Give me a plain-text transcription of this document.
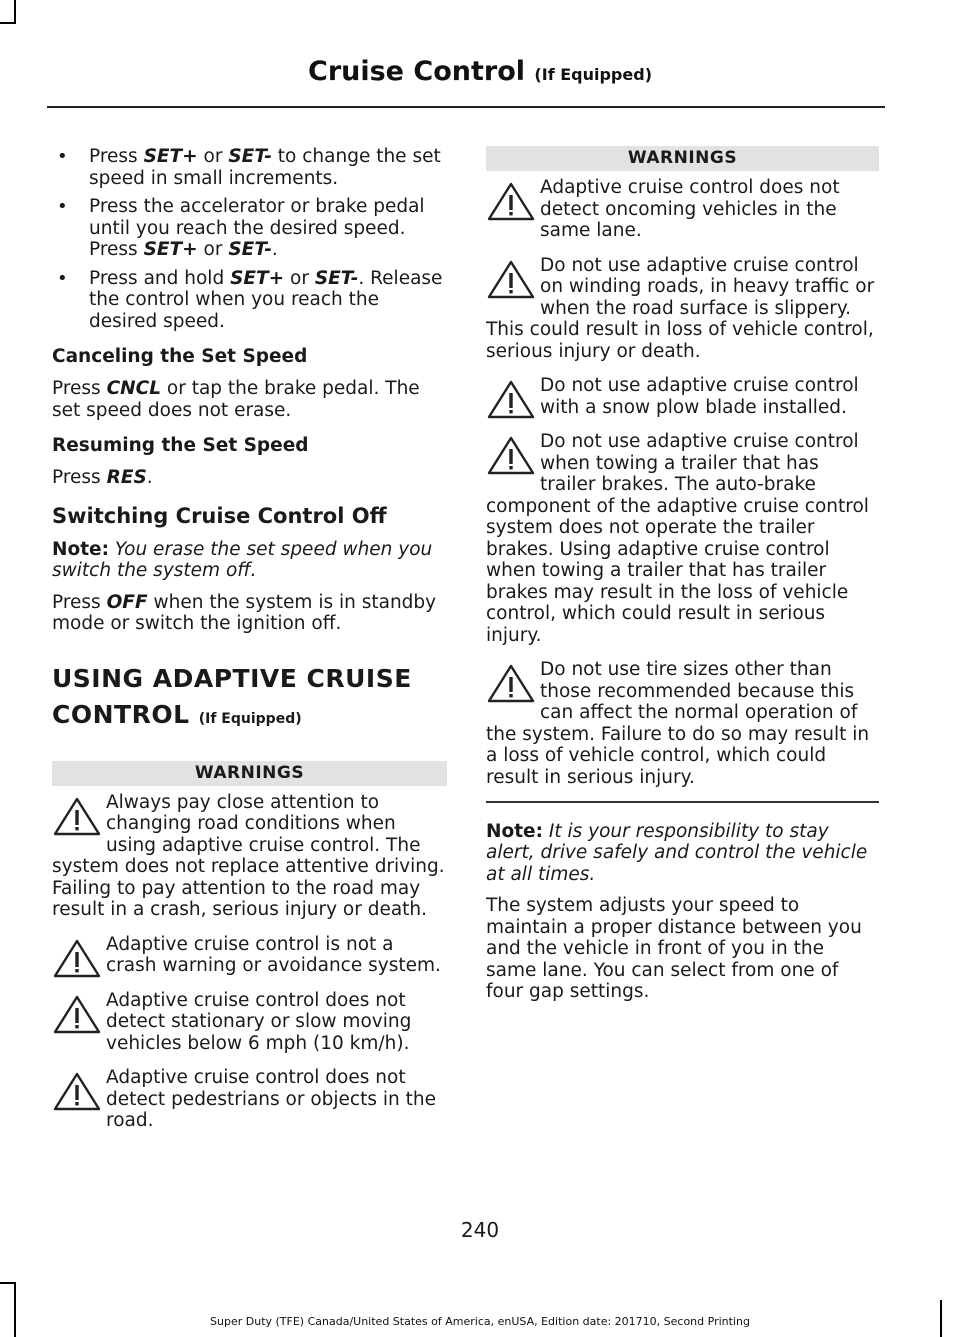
Cruise Control (If Equipped)
•	Press SET+ or SET- to change the set speed in small increments.
•	Press the accelerator or brake pedal until you reach the desired speed. Press SET+ or SET-.
•	Press and hold SET+ or SET-. Release the control when you reach the desired speed.

Canceling the Set Speed

Press CNCL or tap the brake pedal. The set speed does not erase.

Resuming the Set Speed

Press RES.

Switching Cruise Control Off

Note: You erase the set speed when you switch the system off.

Press OFF when the system is in standby mode or switch the ignition off.

USING ADAPTIVE CRUISE
CONTROL (If Equipped)
WARNINGS
Always pay close attention to changing road conditions when using adaptive cruise control. The system does not replace attentive driving. Failing to pay attention to the road may result in a crash, serious injury or death.
Adaptive cruise control is not a crash warning or avoidance system.
Adaptive cruise control does not detect stationary or slow moving vehicles below 6 mph (10 km/h).
Adaptive cruise control does not detect pedestrians or objects in the road.
WARNINGS
Adaptive cruise control does not detect oncoming vehicles in the same lane.
Do not use adaptive cruise control on winding roads, in heavy traffic or when the road surface is slippery. This could result in loss of vehicle control, serious injury or death.
Do not use adaptive cruise control with a snow plow blade installed.
Do not use adaptive cruise control when towing a trailer that has trailer brakes. The auto-brake component of the adaptive cruise control system does not operate the trailer brakes. Using adaptive cruise control when towing a trailer that has trailer brakes may result in the loss of vehicle control, which could result in serious injury.
Do not use tire sizes other than those recommended because this can affect the normal operation of the system. Failure to do so may result in a loss of vehicle control, which could result in serious injury.

Note: It is your responsibility to stay alert, drive safely and control the vehicle at all times.

The system adjusts your speed to maintain a proper distance between you and the vehicle in front of you in the same lane. You can select from one of four gap settings.

240
Super Duty (TFE) Canada/United States of America, enUSA, Edition date: 201710, Second Printing
